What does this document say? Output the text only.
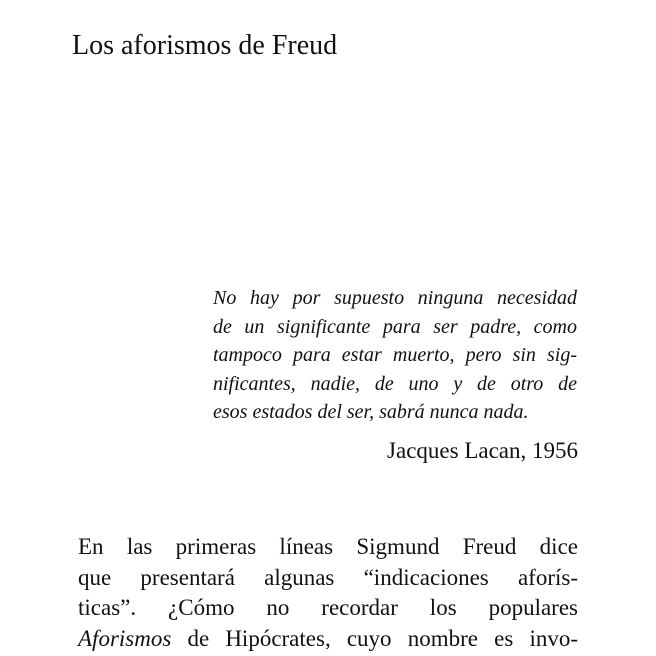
Los aforismos de Freud
No hay por supuesto ninguna necesidad
de un significante para ser padre, como
tampoco para estar muerto, pero sin sig-
nificantes, nadie, de uno y de otro de
esos estados del ser, sabrá nunca nada.

Jacques Lacan, 1956

En las primeras líneas Sigmund Freud dice
que presentará algunas “indicaciones aforís-
ticas”. ¿Cómo no recordar los populares
Aforismos de Hipócrates, cuyo nombre es invo-
